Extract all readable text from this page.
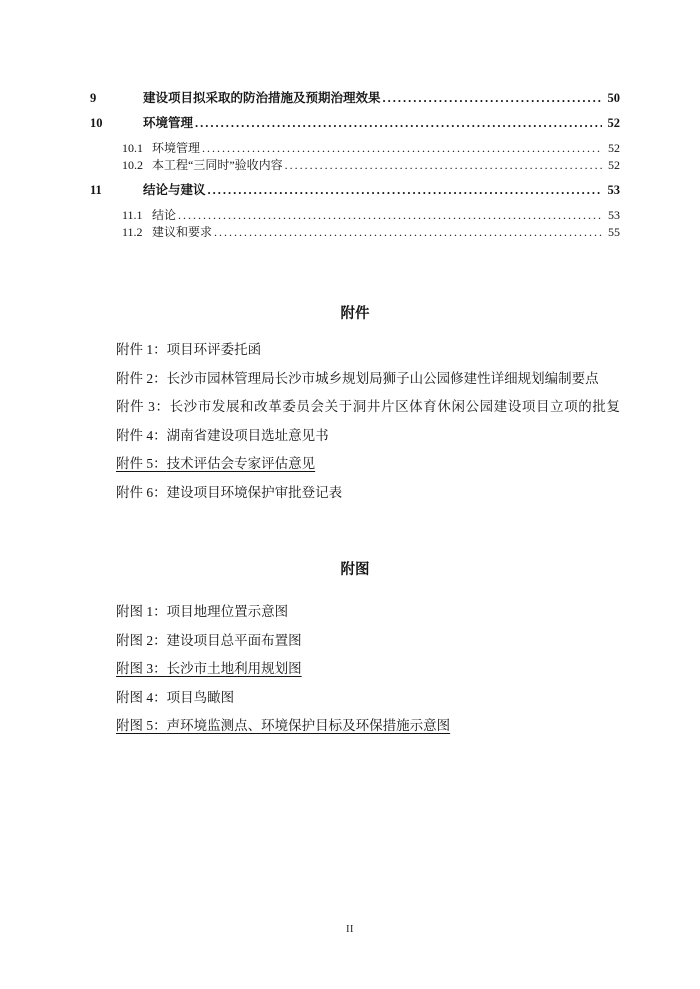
9	建设项目拟采取的防治措施及预期治理效果 .....	50
10	环境管理 .....	52
10.1 环境管理 .....	52
10.2 本工程“三同时”验收内容 .....	52
11	结论与建议 .....	53
11.1 结论 .....	53
11.2 建议和要求 .....	55
附件

附件 1：项目环评委托函

附件 2：长沙市园林管理局长沙市城乡规划局狮子山公园修建性详细规划编制要点

附件 3：长沙市发展和改革委员会关于洞井片区体育休闲公园建设项目立项的批复

附件 4：湖南省建设项目选址意见书

附件 5：技术评估会专家评估意见

附件 6：建设项目环境保护审批登记表

附图

附图 1：项目地理位置示意图

附图 2：建设项目总平面布置图

附图 3：长沙市土地利用规划图

附图 4：项目鸟瞰图

附图 5：声环境监测点、环境保护目标及环保措施示意图

II
